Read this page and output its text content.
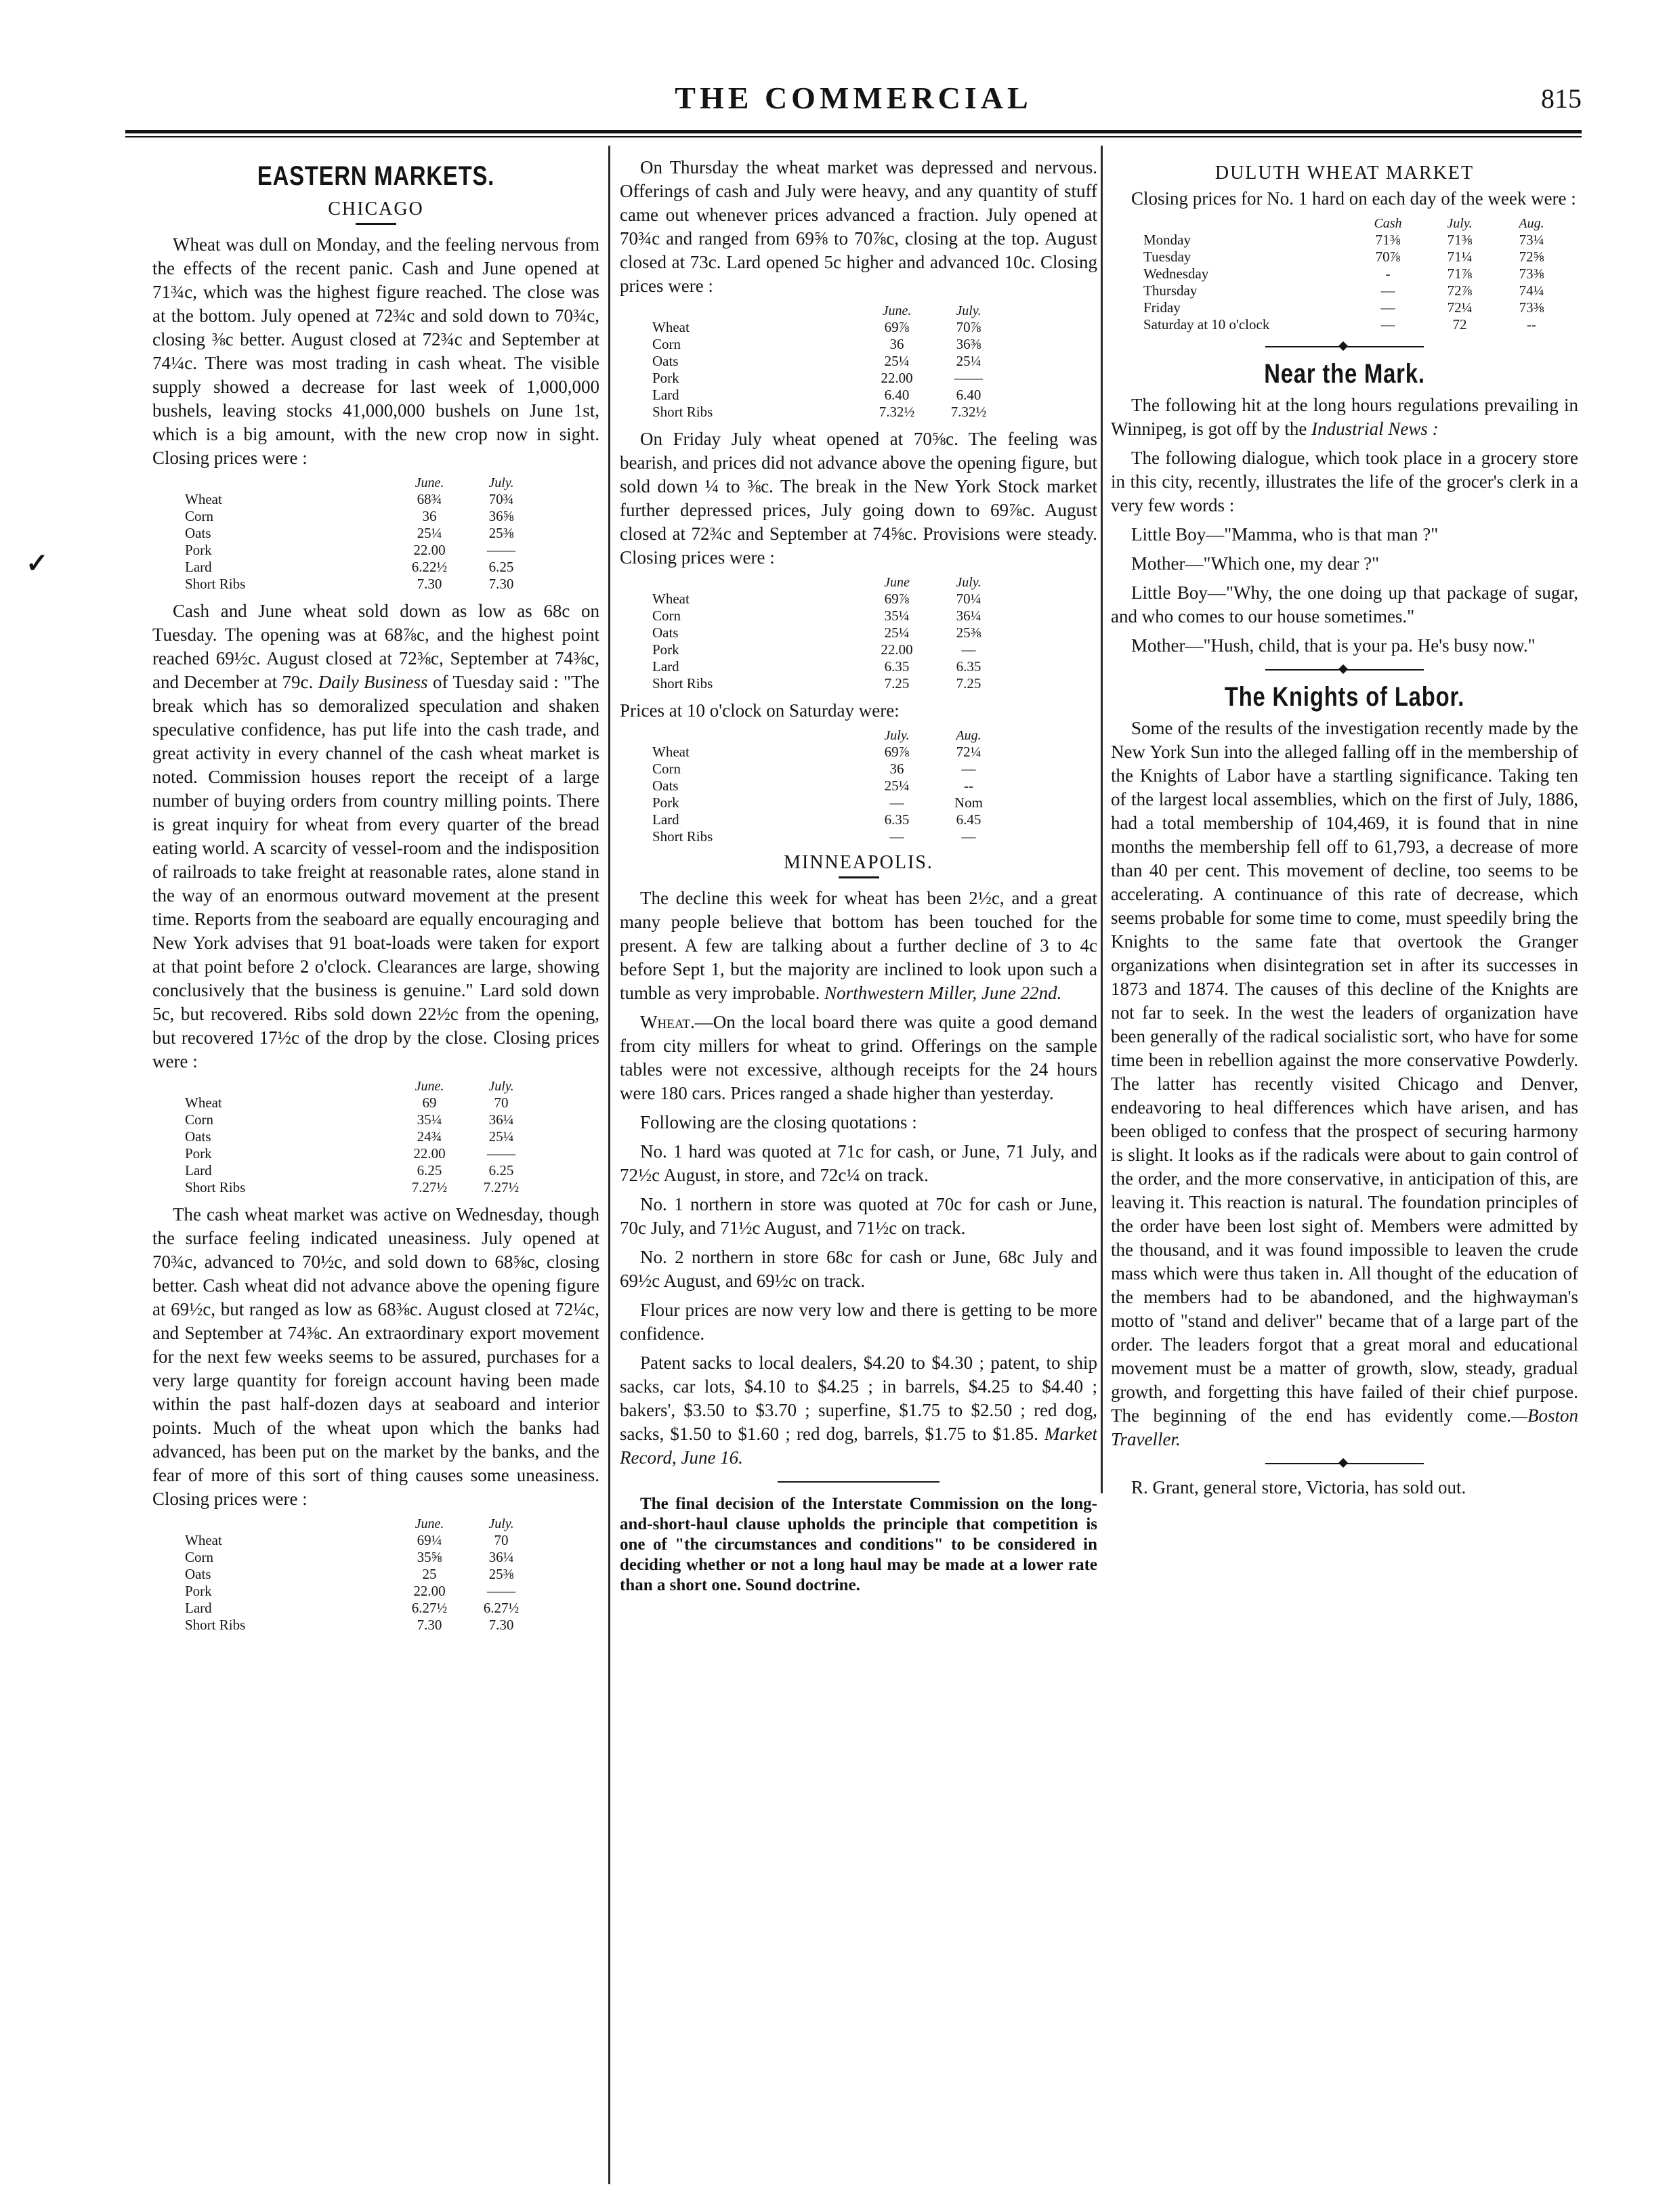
THE COMMERCIAL	815
✓
EASTERN MARKETS.
CHICAGO

Wheat was dull on Monday, and the feeling nervous from the effects of the recent panic. Cash and June opened at 71¾c, which was the highest figure reached. The close was at the bottom. July opened at 72¾c and sold down to 70¾c, closing ⅜c better. August closed at 72¾c and September at 74¼c. There was most trading in cash wheat. The visible supply showed a decrease for last week of 1,000,000 bushels, leaving stocks 41,000,000 bushels on June 1st, which is a big amount, with the new crop now in sight. Closing prices were :

	June.	July.
Wheat	68¾	70¾
Corn	36	36⅝
Oats	25¼	25⅜
Pork	22.00	——
Lard	6.22½	6.25
Short Ribs	7.30	7.30

Cash and June wheat sold down as low as 68c on Tuesday. The opening was at 68⅞c, and the highest point reached 69½c. August closed at 72⅜c, September at 74⅜c, and December at 79c. Daily Business of Tuesday said : "The break which has so demoralized speculation and shaken speculative confidence, has put life into the cash trade, and great activity in every channel of the cash wheat market is noted. Commission houses report the receipt of a large number of buying orders from country milling points. There is great inquiry for wheat from every quarter of the bread eating world. A scarcity of vessel-room and the indisposition of railroads to take freight at reasonable rates, alone stand in the way of an enormous outward movement at the present time. Reports from the seaboard are equally encouraging and New York advises that 91 boat-loads were taken for export at that point before 2 o'clock. Clearances are large, showing conclusively that the business is genuine." Lard sold down 5c, but recovered. Ribs sold down 22½c from the opening, but recovered 17½c of the drop by the close. Closing prices were :

	June.	July.
Wheat	69	70
Corn	35¼	36¼
Oats	24¾	25¼
Pork	22.00	——
Lard	6.25	6.25
Short Ribs	7.27½	7.27½

The cash wheat market was active on Wednesday, though the surface feeling indicated uneasiness. July opened at 70¾c, advanced to 70½c, and sold down to 68⅝c, closing better. Cash wheat did not advance above the opening figure at 69½c, but ranged as low as 68⅜c. August closed at 72¼c, and September at 74⅜c. An extraordinary export movement for the next few weeks seems to be assured, purchases for a very large quantity for foreign account having been made within the past half-dozen days at seaboard and interior points. Much of the wheat upon which the banks had advanced, has been put on the market by the banks, and the fear of more of this sort of thing causes some uneasiness. Closing prices were :

	June.	July.
Wheat	69¼	70
Corn	35⅝	36¼
Oats	25	25⅜
Pork	22.00	——
Lard	6.27½	6.27½
Short Ribs	7.30	7.30

On Thursday the wheat market was depressed and nervous. Offerings of cash and July were heavy, and any quantity of stuff came out whenever prices advanced a fraction. July opened at 70¾c and ranged from 69⅝ to 70⅞c, closing at the top. August closed at 73c. Lard opened 5c higher and advanced 10c. Closing prices were :

	June.	July.
Wheat	69⅞	70⅞
Corn	36	36⅜
Oats	25¼	25¼
Pork	22.00	——
Lard	6.40	6.40
Short Ribs	7.32½	7.32½

On Friday July wheat opened at 70⅝c. The feeling was bearish, and prices did not advance above the opening figure, but sold down ¼ to ⅜c. The break in the New York Stock market further depressed prices, July going down to 69⅞c. August closed at 72¾c and September at 74⅝c. Provisions were steady. Closing prices were :

	June	July.
Wheat	69⅞	70¼
Corn	35¼	36¼
Oats	25¼	25⅜
Pork	22.00	—
Lard	6.35	6.35
Short Ribs	7.25	7.25

Prices at 10 o'clock on Saturday were:

	July.	Aug.
Wheat	69⅞	72¼
Corn	36	—
Oats	25¼	--
Pork	—	Nom
Lard	6.35	6.45
Short Ribs	—	—
MINNEAPOLIS.

The decline this week for wheat has been 2½c, and a great many people believe that bottom has been touched for the present. A few are talking about a further decline of 3 to 4c before Sept 1, but the majority are inclined to look upon such a tumble as very improbable. Northwestern Miller, June 22nd.

Wheat.—On the local board there was quite a good demand from city millers for wheat to grind. Offerings on the sample tables were not excessive, although receipts for the 24 hours were 180 cars. Prices ranged a shade higher than yesterday.

Following are the closing quotations :

No. 1 hard was quoted at 71c for cash, or June, 71 July, and 72½c August, in store, and 72c¼ on track.

No. 1 northern in store was quoted at 70c for cash or June, 70c July, and 71½c August, and 71½c on track.

No. 2 northern in store 68c for cash or June, 68c July and 69½c August, and 69½c on track.

Flour prices are now very low and there is getting to be more confidence.

Patent sacks to local dealers, $4.20 to $4.30 ; patent, to ship sacks, car lots, $4.10 to $4.25 ; in barrels, $4.25 to $4.40 ; bakers', $3.50 to $3.70 ; superfine, $1.75 to $2.50 ; red dog, sacks, $1.50 to $1.60 ; red dog, barrels, $1.75 to $1.85. Market Record, June 16.

The final decision of the Interstate Commission on the long-and-short-haul clause upholds the principle that competition is one of "the circumstances and conditions" to be considered in deciding whether or not a long haul may be made at a lower rate than a short one. Sound doctrine.

DULUTH WHEAT MARKET

Closing prices for No. 1 hard on each day of the week were :

	Cash	July.	Aug.
Monday	71⅜	71⅜	73¼
Tuesday	70⅞	71¼	72⅝
Wednesday	-	71⅞	73⅜
Thursday	—	72⅞	74¼
Friday	—	72¼	73⅜
Saturday at 10 o'clock	—	72	--
Near the Mark.

The following hit at the long hours regulations prevailing in Winnipeg, is got off by the Industrial News :

The following dialogue, which took place in a grocery store in this city, recently, illustrates the life of the grocer's clerk in a very few words :

Little Boy—"Mamma, who is that man ?"

Mother—"Which one, my dear ?"

Little Boy—"Why, the one doing up that package of sugar, and who comes to our house sometimes."

Mother—"Hush, child, that is your pa. He's busy now."

The Knights of Labor.

Some of the results of the investigation recently made by the New York Sun into the alleged falling off in the membership of the Knights of Labor have a startling significance. Taking ten of the largest local assemblies, which on the first of July, 1886, had a total membership of 104,469, it is found that in nine months the membership fell off to 61,793, a decrease of more than 40 per cent. This movement of decline, too seems to be accelerating. A continuance of this rate of decrease, which seems probable for some time to come, must speedily bring the Knights to the same fate that overtook the Granger organizations when disintegration set in after its successes in 1873 and 1874. The causes of this decline of the Knights are not far to seek. In the west the leaders of organization have been generally of the radical socialistic sort, who have for some time been in rebellion against the more conservative Powderly. The latter has recently visited Chicago and Denver, endeavoring to heal differences which have arisen, and has been obliged to confess that the prospect of securing harmony is slight. It looks as if the radicals were about to gain control of the order, and the more conservative, in anticipation of this, are leaving it. This reaction is natural. The foundation principles of the order have been lost sight of. Members were admitted by the thousand, and it was found impossible to leaven the crude mass which were thus taken in. All thought of the education of the members had to be abandoned, and the highwayman's motto of "stand and deliver" became that of a large part of the order. The leaders forgot that a great moral and educational movement must be a matter of growth, slow, steady, gradual growth, and forgetting this have failed of their chief purpose. The beginning of the end has evidently come.—Boston Traveller.

R. Grant, general store, Victoria, has sold out.
